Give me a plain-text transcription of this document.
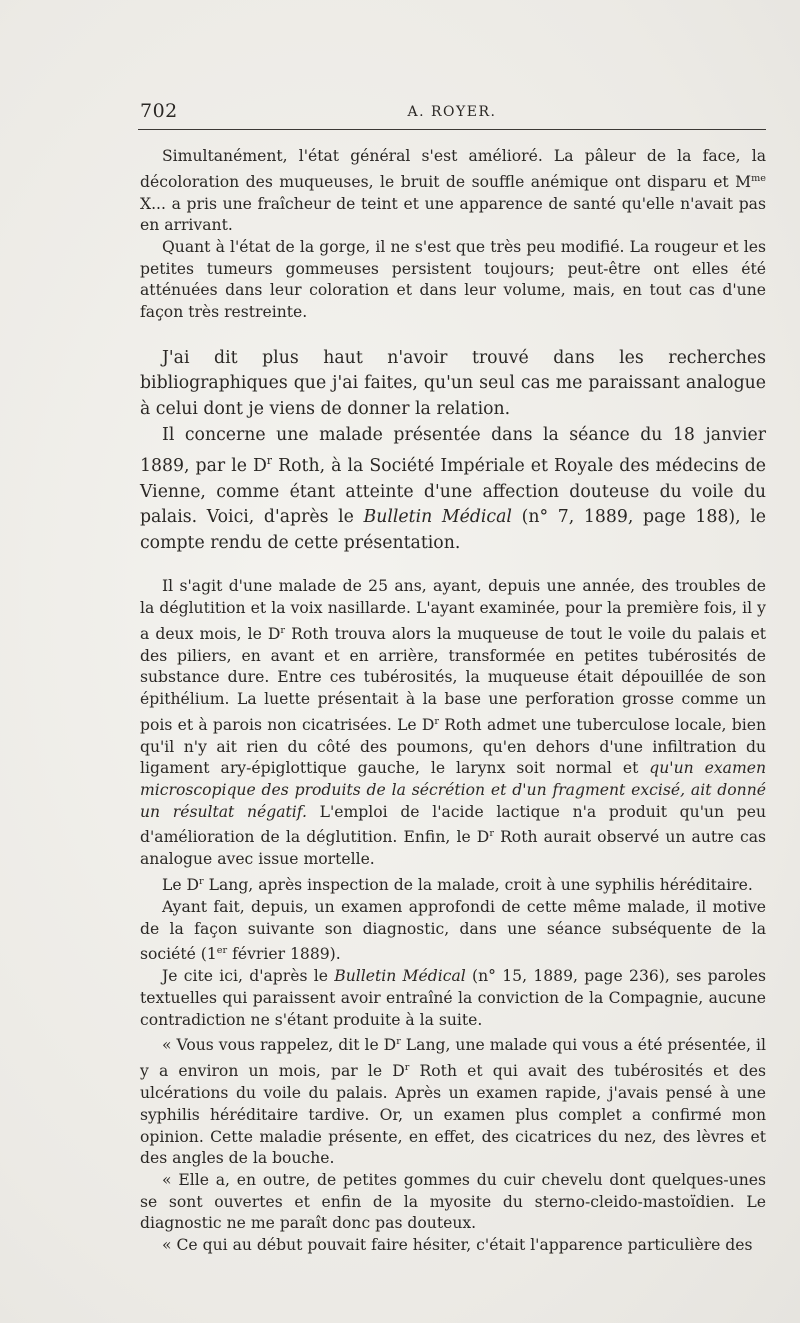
702	A. ROYER.

Simultanément, l'état général s'est amélioré. La pâleur de la face, la décoloration des muqueuses, le bruit de souffle anémique ont disparu et $M^{me}$ X... a pris une fraîcheur de teint et une apparence de santé qu'elle n'avait pas en arrivant.

Quant à l'état de la gorge, il ne s'est que très peu modifié. La rougeur et les petites tumeurs gommeuses persistent toujours; peut-être ont elles été atténuées dans leur coloration et dans leur volume, mais, en tout cas d'une façon très restreinte.

J'ai dit plus haut n'avoir trouvé dans les recherches bibliographiques que j'ai faites, qu'un seul cas me paraissant analogue à celui dont je viens de donner la relation.

Il concerne une malade présentée dans la séance du 18 janvier 1889, par le $D^r$ Roth, à la Société Impériale et Royale des médecins de Vienne, comme étant atteinte d'une affection douteuse du voile du palais. Voici, d'après le Bulletin Médical (n° 7, 1889, page 188), le compte rendu de cette présentation.

Il s'agit d'une malade de 25 ans, ayant, depuis une année, des troubles de la déglutition et la voix nasillarde. L'ayant examinée, pour la première fois, il y a deux mois, le $D^r$ Roth trouva alors la muqueuse de tout le voile du palais et des piliers, en avant et en arrière, transformée en petites tubérosités de substance dure. Entre ces tubérosités, la muqueuse était dépouillée de son épithélium. La luette présentait à la base une perforation grosse comme un pois et à parois non cicatrisées. Le $D^r$ Roth admet une tuberculose locale, bien qu'il n'y ait rien du côté des poumons, qu'en dehors d'une infiltration du ligament ary-épiglottique gauche, le larynx soit normal et qu'un examen microscopique des produits de la sécrétion et d'un fragment excisé, ait donné un résultat négatif. L'emploi de l'acide lactique n'a produit qu'un peu d'amélioration de la déglutition. Enfin, le $D^r$ Roth aurait observé un autre cas analogue avec issue mortelle.

Le $D^r$ Lang, après inspection de la malade, croit à une syphilis héréditaire.

Ayant fait, depuis, un examen approfondi de cette même malade, il motive de la façon suivante son diagnostic, dans une séance subséquente de la société (1er février 1889).

Je cite ici, d'après le Bulletin Médical (n° 15, 1889, page 236), ses paroles textuelles qui paraissent avoir entraîné la conviction de la Compagnie, aucune contradiction ne s'étant produite à la suite.

« Vous vous rappelez, dit le $D^r$ Lang, une malade qui vous a été présentée, il y a environ un mois, par le $D^r$ Roth et qui avait des tubérosités et des ulcérations du voile du palais. Après un examen rapide, j'avais pensé à une syphilis héréditaire tardive. Or, un examen plus complet a confirmé mon opinion. Cette maladie présente, en effet, des cicatrices du nez, des lèvres et des angles de la bouche.

« Elle a, en outre, de petites gommes du cuir chevelu dont quelques-unes se sont ouvertes et enfin de la myosite du sterno-cleido-mastoïdien. Le diagnostic ne me paraît donc pas douteux.

« Ce qui au début pouvait faire hésiter, c'était l'apparence particulière des
